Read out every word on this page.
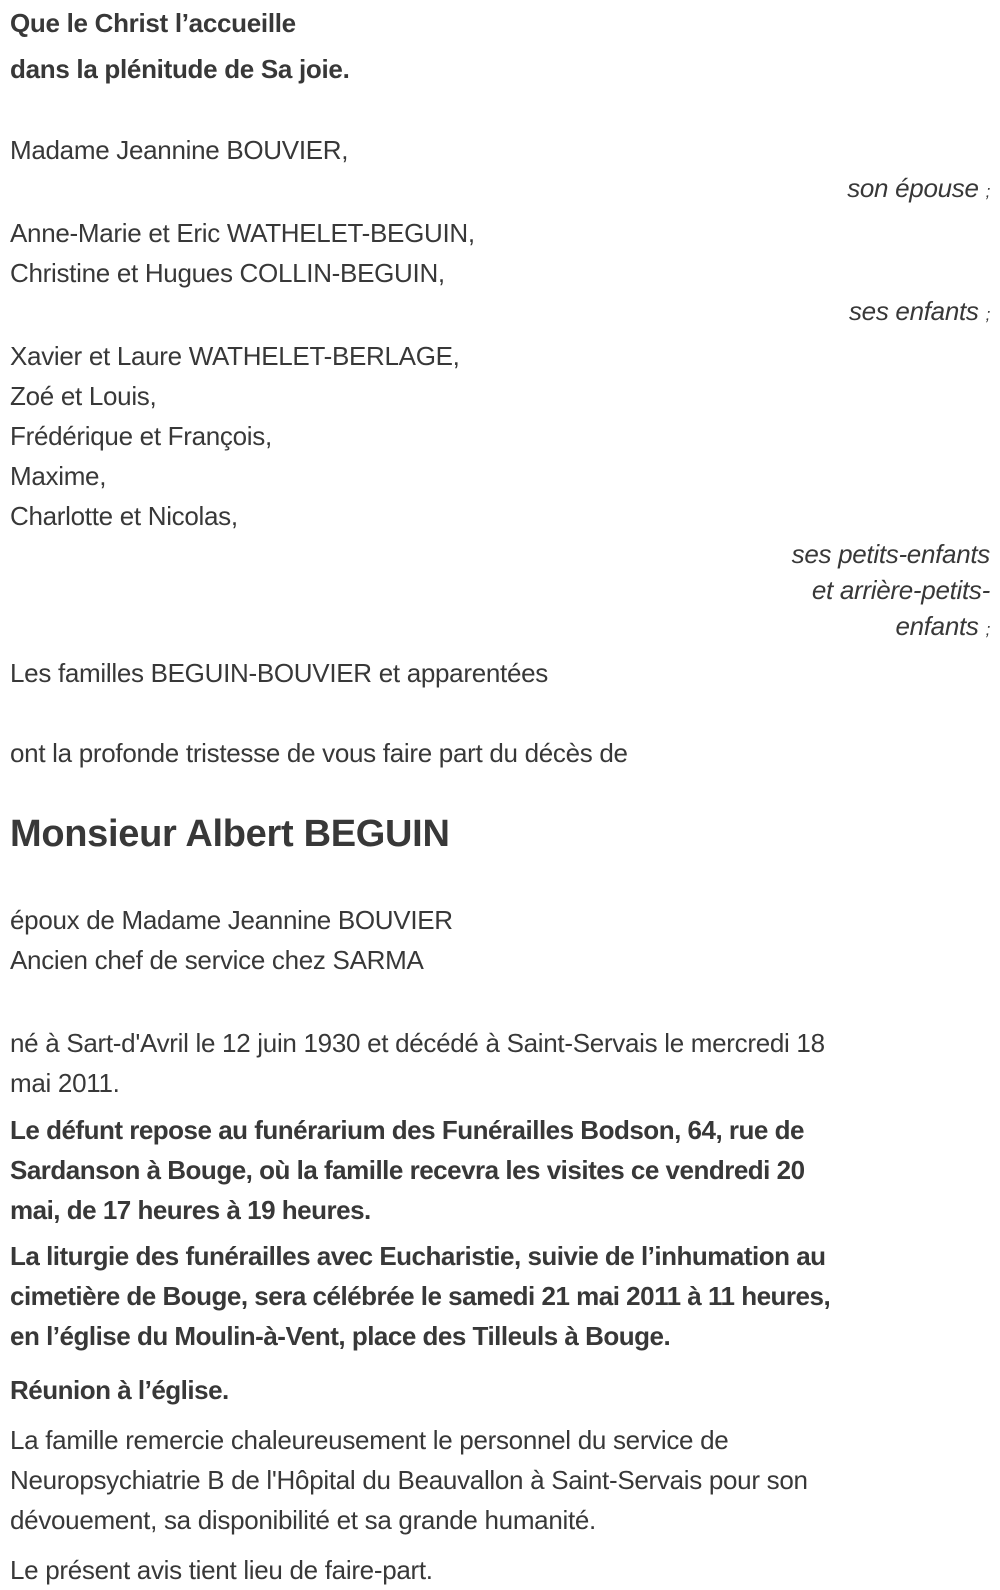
Que le Christ l’accueille
dans la plénitude de Sa joie.
Madame Jeannine BOUVIER,
son épouse ;
Anne-Marie et Eric WATHELET-BEGUIN,
Christine et Hugues COLLIN-BEGUIN,
ses enfants ;
Xavier et Laure WATHELET-BERLAGE,
Zoé et Louis,
Frédérique et François,
Maxime,
Charlotte et Nicolas,
ses petits-enfants
et arrière-petits-
enfants ;
Les familles BEGUIN-BOUVIER et apparentées

ont la profonde tristesse de vous faire part du décès de

Monsieur Albert BEGUIN
époux de Madame Jeannine BOUVIER
Ancien chef de service chez SARMA
né à Sart-d'Avril le 12 juin 1930 et décédé à Saint-Servais le mercredi 18
mai 2011.
Le défunt repose au funérarium des Funérailles Bodson, 64, rue de
Sardanson à Bouge, où la famille recevra les visites ce vendredi 20
mai, de 17 heures à 19 heures.
La liturgie des funérailles avec Eucharistie, suivie de l’inhumation au
cimetière de Bouge, sera célébrée le samedi 21 mai 2011 à 11 heures,
en l’église du Moulin-à-Vent, place des Tilleuls à Bouge.
Réunion à l’église.
La famille remercie chaleureusement le personnel du service de
Neuropsychiatrie B de l'Hôpital du Beauvallon à Saint-Servais pour son
dévouement, sa disponibilité et sa grande humanité.
Le présent avis tient lieu de faire-part.
